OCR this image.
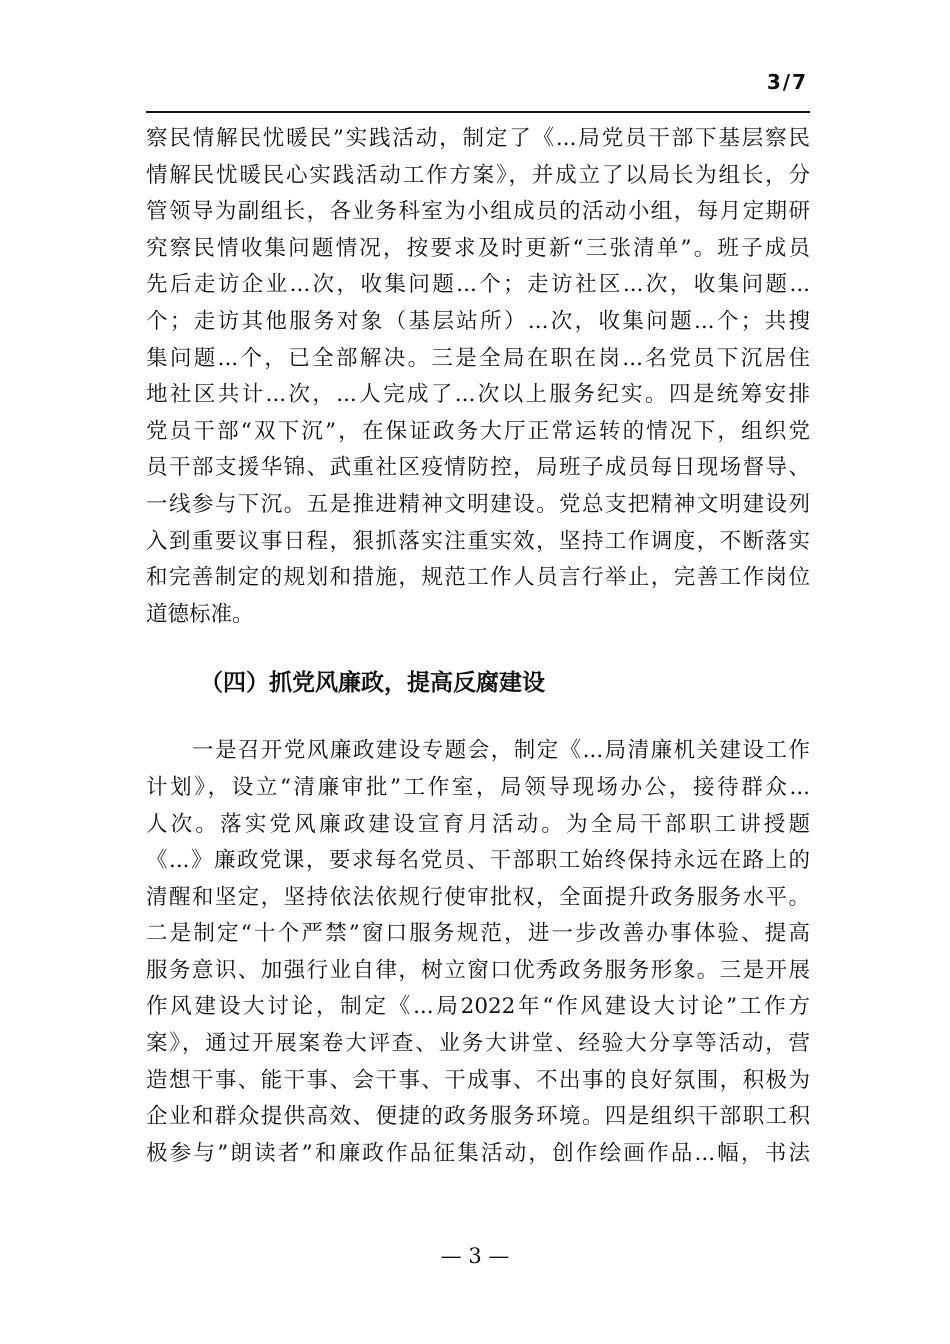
3/7
察民情解民忧暖民”实践活动，制定了《...局党员干部下基层察民
情解民忧暖民心实践活动工作方案》，并成立了以局长为组长，分
管领导为副组长，各业务科室为小组成员的活动小组，每月定期研
究察民情收集问题情况，按要求及时更新“三张清单”。班子成员
先后走访企业...次，收集问题...个；走访社区...次，收集问题...
个；走访其他服务对象（基层站所）...次，收集问题...个；共搜
集问题...个，已全部解决。三是全局在职在岗...名党员下沉居住
地社区共计...次，...人完成了...次以上服务纪实。四是统筹安排
党员干部“双下沉”，在保证政务大厅正常运转的情况下，组织党
员干部支援华锦、武重社区疫情防控，局班子成员每日现场督导、
一线参与下沉。五是推进精神文明建设。党总支把精神文明建设列
入到重要议事日程，狠抓落实注重实效，坚持工作调度，不断落实
和完善制定的规划和措施，规范工作人员言行举止，完善工作岗位
道德标准。
（四）抓党风廉政，提高反腐建设
　　一是召开党风廉政建设专题会，制定《...局清廉机关建设工作
计划》，设立“清廉审批”工作室，局领导现场办公，接待群众...
人次。落实党风廉政建设宣育月活动。为全局干部职工讲授题
《...》廉政党课，要求每名党员、干部职工始终保持永远在路上的
清醒和坚定，坚持依法依规行使审批权，全面提升政务服务水平。
二是制定“十个严禁”窗口服务规范，进一步改善办事体验、提高
服务意识、加强行业自律，树立窗口优秀政务服务形象。三是开展
作风建设大讨论，制定《...局2022年“作风建设大讨论”工作方
案》，通过开展案卷大评查、业务大讲堂、经验大分享等活动，营
造想干事、能干事、会干事、干成事、不出事的良好氛围，积极为
企业和群众提供高效、便捷的政务服务环境。四是组织干部职工积
极参与”朗读者”和廉政作品征集活动，创作绘画作品...幅，书法
— 3 —
